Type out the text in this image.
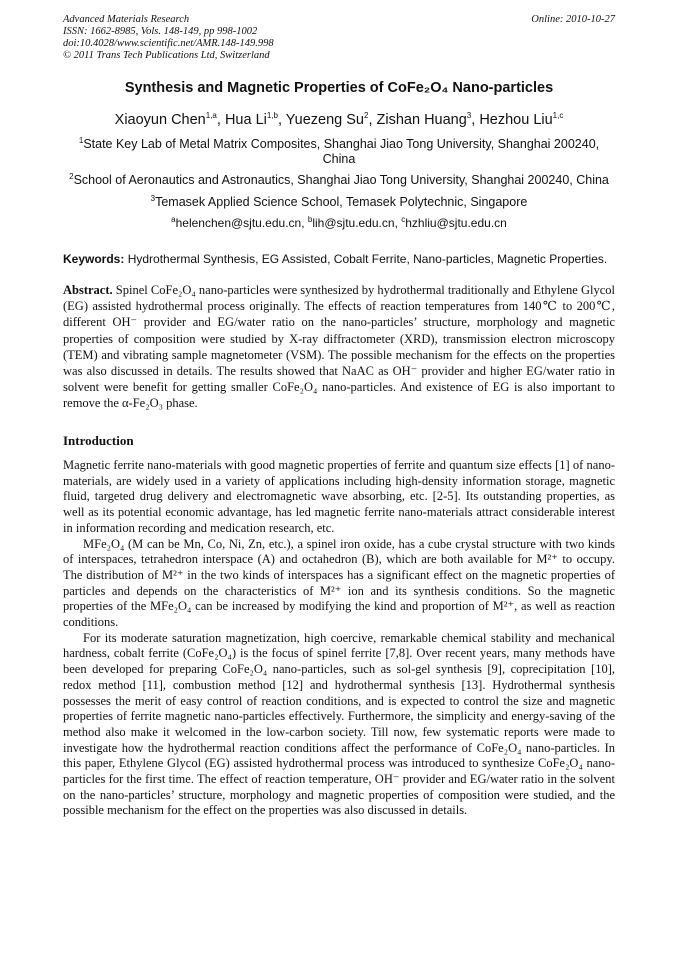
Advanced Materials Research
ISSN: 1662-8985, Vols. 148-149, pp 998-1002
doi:10.4028/www.scientific.net/AMR.148-149.998
© 2011 Trans Tech Publications Ltd, Switzerland
Online: 2010-10-27
Synthesis and Magnetic Properties of CoFe₂O₄ Nano-particles
Xiaoyun Chen$^{1,a}$, Hua Li$^{1,b}$, Yuezeng Su$^2$, Zishan Huang$^3$, Hezhou Liu$^{1,c}$
$^1$State Key Lab of Metal Matrix Composites, Shanghai Jiao Tong University, Shanghai 200240, China
$^2$School of Aeronautics and Astronautics, Shanghai Jiao Tong University, Shanghai 200240, China
$^3$Temasek Applied Science School, Temasek Polytechnic, Singapore
$^a$helenchen@sjtu.edu.cn, $^b$lih@sjtu.edu.cn, $^c$hzhliu@sjtu.edu.cn
Keywords: Hydrothermal Synthesis, EG Assisted, Cobalt Ferrite, Nano-particles, Magnetic Properties.
Abstract. Spinel CoFe₂O₄ nano-particles were synthesized by hydrothermal traditionally and Ethylene Glycol (EG) assisted hydrothermal process originally. The effects of reaction temperatures from 140℃ to 200℃, different OH⁻ provider and EG/water ratio on the nano-particles’ structure, morphology and magnetic properties of composition were studied by X-ray diffractometer (XRD), transmission electron microscopy (TEM) and vibrating sample magnetometer (VSM). The possible mechanism for the effects on the properties was also discussed in details. The results showed that NaAC as OH⁻ provider and higher EG/water ratio in solvent were benefit for getting smaller CoFe₂O₄ nano-particles. And existence of EG is also important to remove the α-Fe₂O₃ phase.
Introduction

Magnetic ferrite nano-materials with good magnetic properties of ferrite and quantum size effects [1] of nano-materials, are widely used in a variety of applications including high-density information storage, magnetic fluid, targeted drug delivery and electromagnetic wave absorbing, etc. [2-5]. Its outstanding properties, as well as its potential economic advantage, has led magnetic ferrite nano-materials attract considerable interest in information recording and medication research, etc.

MFe₂O₄ (M can be Mn, Co, Ni, Zn, etc.), a spinel iron oxide, has a cube crystal structure with two kinds of interspaces, tetrahedron interspace (A) and octahedron (B), which are both available for M²⁺ to occupy. The distribution of M²⁺ in the two kinds of interspaces has a significant effect on the magnetic properties of particles and depends on the characteristics of M²⁺ ion and its synthesis conditions. So the magnetic properties of the MFe₂O₄ can be increased by modifying the kind and proportion of M²⁺, as well as reaction conditions.

For its moderate saturation magnetization, high coercive, remarkable chemical stability and mechanical hardness, cobalt ferrite (CoFe₂O₄) is the focus of spinel ferrite [7,8]. Over recent years, many methods have been developed for preparing CoFe₂O₄ nano-particles, such as sol-gel synthesis [9], coprecipitation [10], redox method [11], combustion method [12] and hydrothermal synthesis [13]. Hydrothermal synthesis possesses the merit of easy control of reaction conditions, and is expected to control the size and magnetic properties of ferrite magnetic nano-particles effectively. Furthermore, the simplicity and energy-saving of the method also make it welcomed in the low-carbon society. Till now, few systematic reports were made to investigate how the hydrothermal reaction conditions affect the performance of CoFe₂O₄ nano-particles. In this paper, Ethylene Glycol (EG) assisted hydrothermal process was introduced to synthesize CoFe₂O₄ nano-particles for the first time. The effect of reaction temperature, OH⁻ provider and EG/water ratio in the solvent on the nano-particles’ structure, morphology and magnetic properties of composition were studied, and the possible mechanism for the effect on the properties was also discussed in details.
